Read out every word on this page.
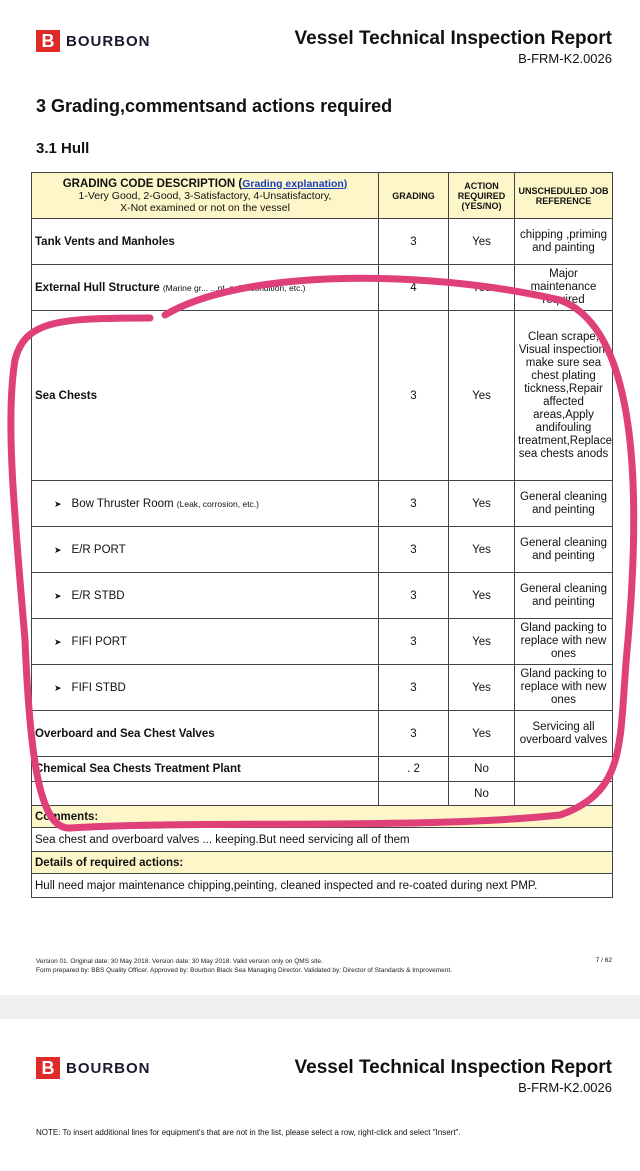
B BOURBON	Vessel Technical Inspection Report
B-FRM-K2.0026
3 Grading,commentsand actions required
3.1 Hull
GRADING CODE DESCRIPTION (Grading explanation)
1-Very Good, 2-Good, 3-Satisfactory, 4-Unsatisfactory,
X-Not examined or not on the vessel	GRADING	ACTION REQUIRED (YES/NO)	UNSCHEDULED JOB REFERENCE
Tank Vents and Manholes	3	Yes	chipping ,priming and painting
External Hull Structure (Marine gr... ...nt, paint condition, etc.)	4	Yes	Major maintenance required
Sea Chests	3	Yes	Clean scrape, Visual inspection, make sure sea chest plating tickness,Repair affected areas,Apply andifouling treatment,Replace sea chests anods
➤ Bow Thruster Room (Leak, corrosion, etc.)	3	Yes	General cleaning and peinting
➤ E/R PORT	3	Yes	General cleaning and peinting
➤ E/R STBD	3	Yes	General cleaning and peinting
➤ FIFI PORT	3	Yes	Gland packing to replace with new ones
➤ FIFI STBD	3	Yes	Gland packing to replace with new ones
Overboard and Sea Chest Valves	3	Yes	Servicing all overboard valves
Chemical Sea Chests Treatment Plant	. 2	No	
		No	
Comments:			
Sea chest and overboard valves ... keeping.But need servicing all of them			
Details of required actions:			
Hull need major maintenance chipping,peinting, cleaned inspected and re-coated during next PMP.			
Version 01. Original date: 30 May 2018. Version date: 30 May 2018. Valid version only on QMS site.
Form prepared by: BBS Quality Officer. Approved by: Bourbon Black Sea Managing Director. Validated by: Director of Standards & Improvement.
7 / 62
B BOURBON	Vessel Technical Inspection Report
B-FRM-K2.0026
NOTE: To insert additional lines for equipment's that are not in the list, please select a row, right-click and select "Insert".
